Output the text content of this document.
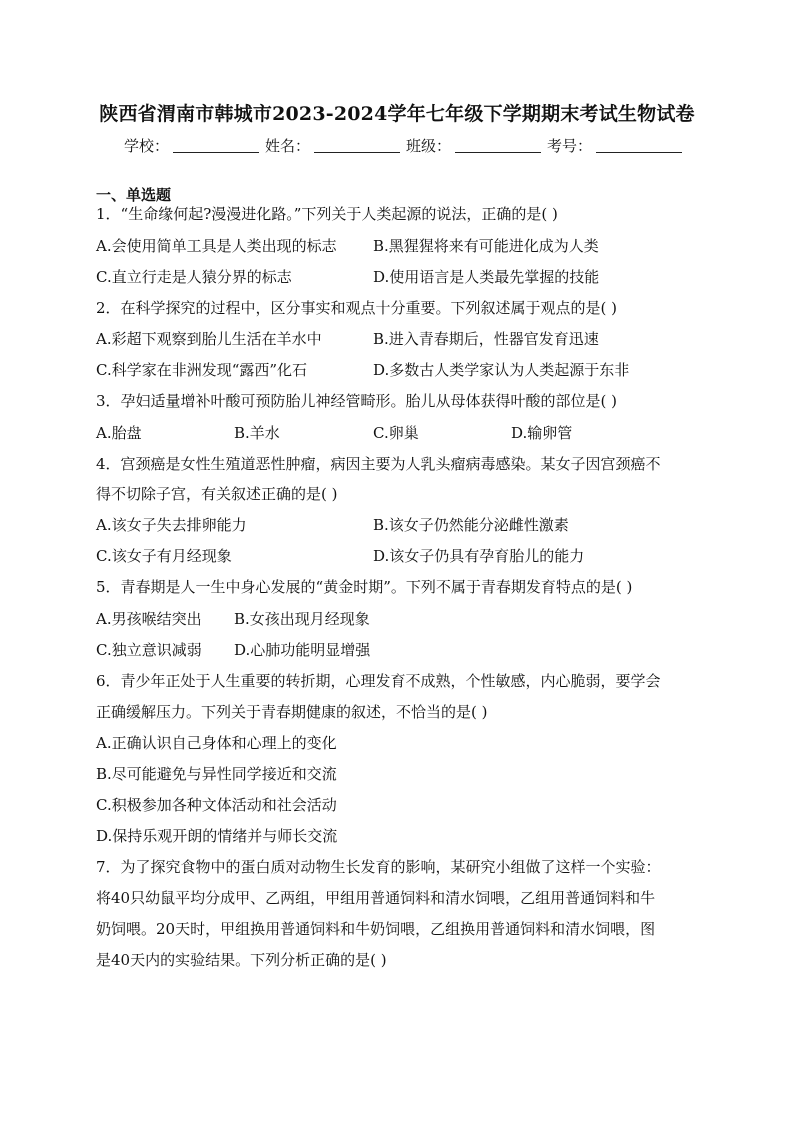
陕西省渭南市韩城市2023-2024学年七年级下学期期末考试生物试卷
学校：	姓名：	班级：	考号：
一、单选题
1．“生命缘何起?漫漫进化路。”下列关于人类起源的说法，正确的是( )
A.会使用简单工具是人类出现的标志 B.黑猩猩将来有可能进化成为人类
C.直立行走是人猿分界的标志	D.使用语言是人类最先掌握的技能
2．在科学探究的过程中，区分事实和观点十分重要。下列叙述属于观点的是( )
A.彩超下观察到胎儿生活在羊水中	B.进入青春期后，性器官发育迅速
C.科学家在非洲发现“露西”化石	D.多数古人类学家认为人类起源于东非
3．孕妇适量增补叶酸可预防胎儿神经管畸形。胎儿从母体获得叶酸的部位是( )
A.胎盘	B.羊水	C.卵巢	D.输卵管
4．宫颈癌是女性生殖道恶性肿瘤，病因主要为人乳头瘤病毒感染。某女子因宫颈癌不
得不切除子宫，有关叙述正确的是( )
A.该女子失去排卵能力	B.该女子仍然能分泌雌性激素
C.该女子有月经现象	D.该女子仍具有孕育胎儿的能力
5．青春期是人一生中身心发展的“黄金时期”。下列不属于青春期发育特点的是( )
A.男孩喉结突出 B.女孩出现月经现象
C.独立意识减弱 D.心肺功能明显增强
6．青少年正处于人生重要的转折期，心理发育不成熟，个性敏感，内心脆弱，要学会
正确缓解压力。下列关于青春期健康的叙述，不恰当的是( )
A.正确认识自己身体和心理上的变化
B.尽可能避免与异性同学接近和交流
C.积极参加各种文体活动和社会活动
D.保持乐观开朗的情绪并与师长交流
7．为了探究食物中的蛋白质对动物生长发育的影响，某研究小组做了这样一个实验：
将40只幼鼠平均分成甲、乙两组，甲组用普通饲料和清水饲喂，乙组用普通饲料和牛
奶饲喂。20天时，甲组换用普通饲料和牛奶饲喂，乙组换用普通饲料和清水饲喂，图
是40天内的实验结果。下列分析正确的是( )
